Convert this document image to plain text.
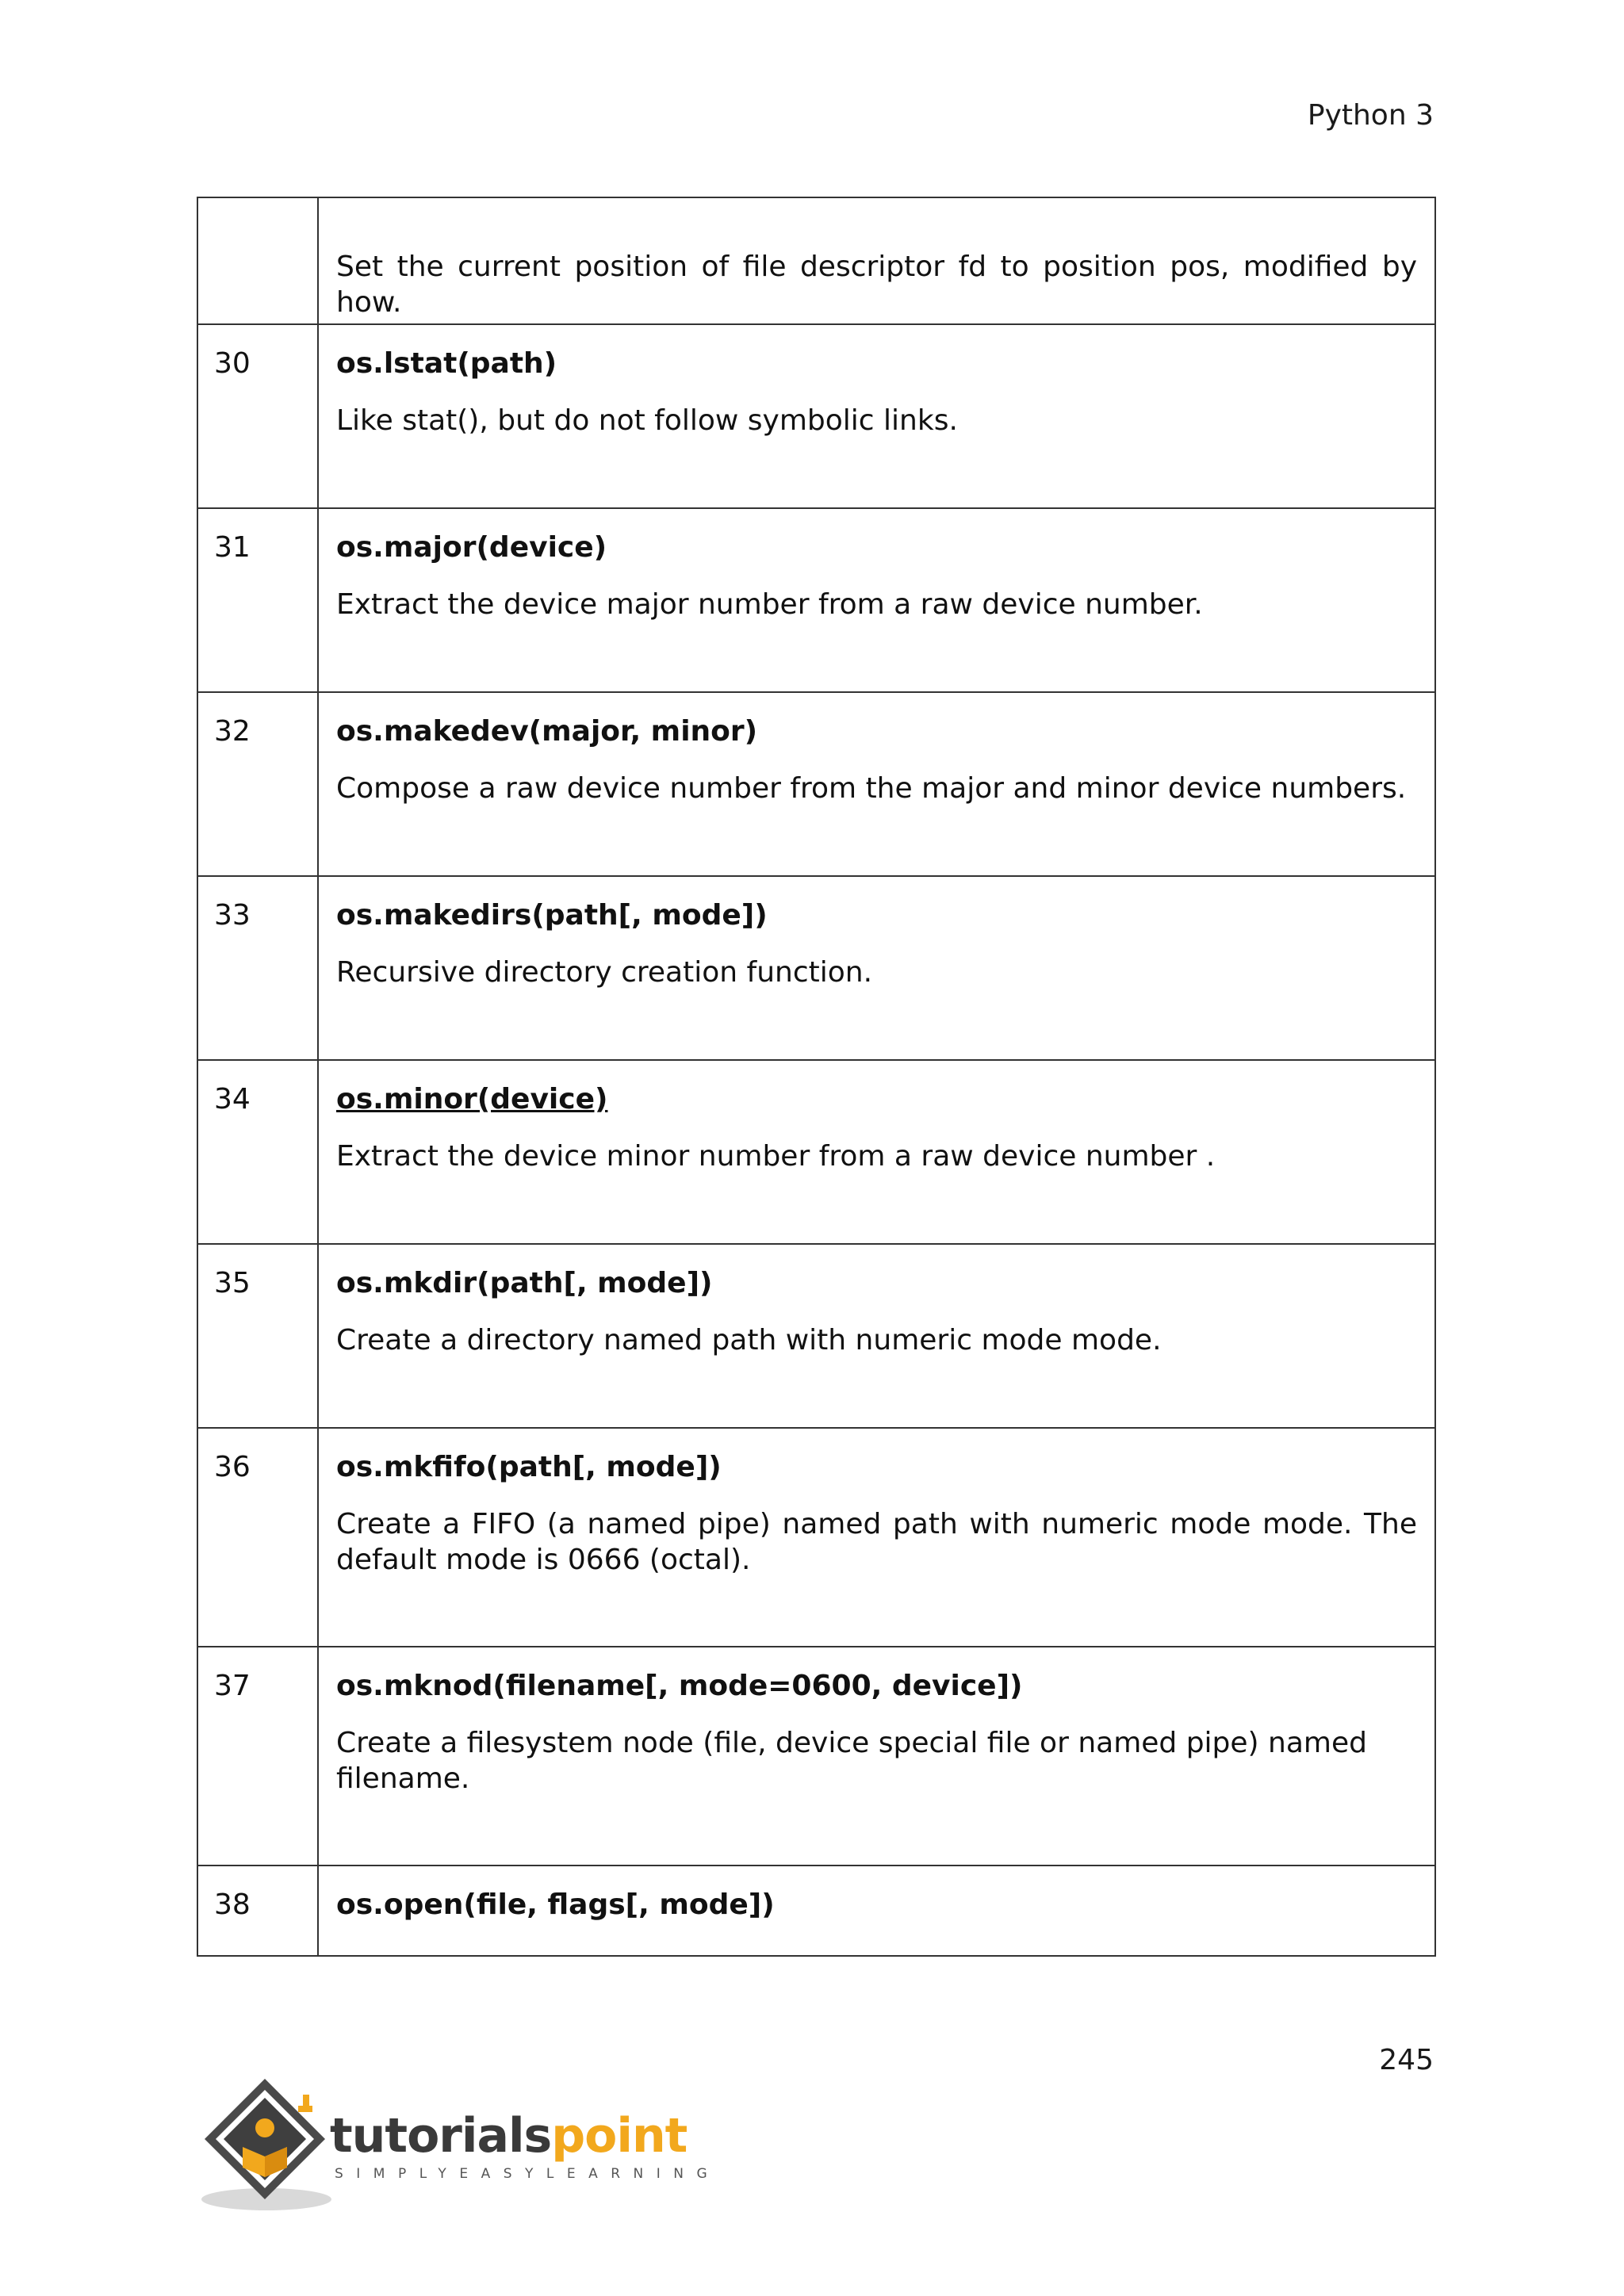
Python 3

	Set the current position of file descriptor fd to position pos, modified by how.

30	os.lstat(path)
Like stat(), but do not follow symbolic links.

31	os.major(device)
Extract the device major number from a raw device number.

32	os.makedev(major, minor)
Compose a raw device number from the major and minor device numbers.

33	os.makedirs(path[, mode])
Recursive directory creation function.

34	os.minor(device)
Extract the device minor number from a raw device number .

35	os.mkdir(path[, mode])
Create a directory named path with numeric mode mode.

36	os.mkfifo(path[, mode])
Create a FIFO (a named pipe) named path with numeric mode mode. The default mode is 0666 (octal).

37	os.mknod(filename[, mode=0600, device])
Create a filesystem node (file, device special file or named pipe) named filename.

38	os.open(file, flags[, mode])
245
tutorialspoint
SIMPLYEASYLEARNING
